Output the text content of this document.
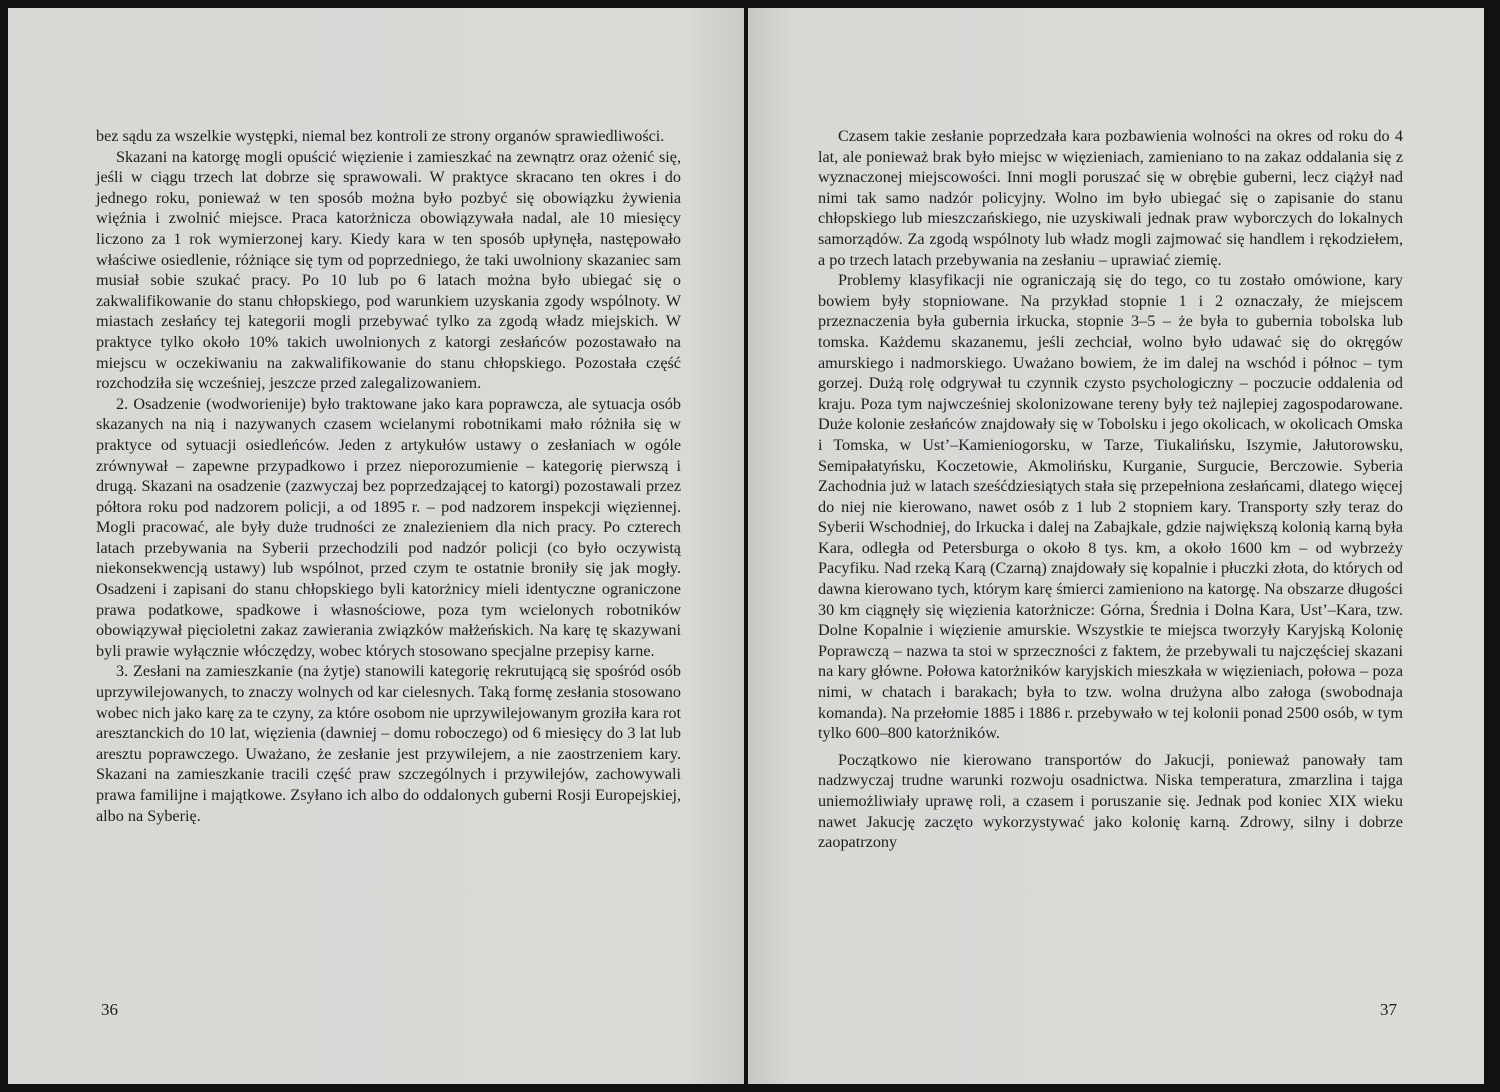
bez sądu za wszelkie występki, niemal bez kontroli ze strony organów sprawiedliwości.

Skazani na katorgę mogli opuścić więzienie i zamieszkać na zewnątrz oraz ożenić się, jeśli w ciągu trzech lat dobrze się sprawowali. W praktyce skracano ten okres i do jednego roku, ponieważ w ten sposób można było pozbyć się obowiązku żywienia więźnia i zwolnić miejsce. Praca katorżnicza obowiązywała nadal, ale 10 miesięcy liczono za 1 rok wymierzonej kary. Kiedy kara w ten sposób upłynęła, następowało właściwe osiedlenie, różniące się tym od poprzedniego, że taki uwolniony skazaniec sam musiał sobie szukać pracy. Po 10 lub po 6 latach można było ubiegać się o zakwalifikowanie do stanu chłopskiego, pod warunkiem uzyskania zgody wspólnoty. W miastach zesłańcy tej kategorii mogli przebywać tylko za zgodą władz miejskich. W praktyce tylko około 10% takich uwolnionych z katorgi zesłańców pozostawało na miejscu w oczekiwaniu na zakwalifikowanie do stanu chłopskiego. Pozostała część rozchodziła się wcześniej, jeszcze przed zalegalizowaniem.

2. Osadzenie (wodworienije) było traktowane jako kara poprawcza, ale sytuacja osób skazanych na nią i nazywanych czasem wcielanymi robotnikami mało różniła się w praktyce od sytuacji osiedleńców. Jeden z artykułów ustawy o zesłaniach w ogóle zrównywał – zapewne przypadkowo i przez nieporozumienie – kategorię pierwszą i drugą. Skazani na osadzenie (zazwyczaj bez poprzedzającej to katorgi) pozostawali przez półtora roku pod nadzorem policji, a od 1895 r. – pod nadzorem inspekcji więziennej. Mogli pracować, ale były duże trudności ze znalezieniem dla nich pracy. Po czterech latach przebywania na Syberii przechodzili pod nadzór policji (co było oczywistą niekonsekwencją ustawy) lub wspólnot, przed czym te ostatnie broniły się jak mogły. Osadzeni i zapisani do stanu chłopskiego byli katorżnicy mieli identyczne ograniczone prawa podatkowe, spadkowe i własnościowe, poza tym wcielonych robotników obowiązywał pięcioletni zakaz zawierania związków małżeńskich. Na karę tę skazywani byli prawie wyłącznie włóczędzy, wobec których stosowano specjalne przepisy karne.

3. Zesłani na zamieszkanie (na żytje) stanowili kategorię rekrutującą się spośród osób uprzywilejowanych, to znaczy wolnych od kar cielesnych. Taką formę zesłania stosowano wobec nich jako karę za te czyny, za które osobom nie uprzywilejowanym groziła kara rot aresztanckich do 10 lat, więzienia (dawniej – domu roboczego) od 6 miesięcy do 3 lat lub aresztu poprawczego. Uważano, że zesłanie jest przywilejem, a nie zaostrzeniem kary. Skazani na zamieszkanie tracili część praw szczególnych i przywilejów, zachowywali prawa familijne i majątkowe. Zsyłano ich albo do oddalonych guberni Rosji Europejskiej, albo na Syberię.

36

Czasem takie zesłanie poprzedzała kara pozbawienia wolności na okres od roku do 4 lat, ale ponieważ brak było miejsc w więzieniach, zamieniano to na zakaz oddalania się z wyznaczonej miejscowości. Inni mogli poruszać się w obrębie guberni, lecz ciążył nad nimi tak samo nadzór policyjny. Wolno im było ubiegać się o zapisanie do stanu chłopskiego lub mieszczańskiego, nie uzyskiwali jednak praw wyborczych do lokalnych samorządów. Za zgodą wspólnoty lub władz mogli zajmować się handlem i rękodziełem, a po trzech latach przebywania na zesłaniu – uprawiać ziemię.

Problemy klasyfikacji nie ograniczają się do tego, co tu zostało omówione, kary bowiem były stopniowane. Na przykład stopnie 1 i 2 oznaczały, że miejscem przeznaczenia była gubernia irkucka, stopnie 3–5 – że była to gubernia tobolska lub tomska. Każdemu skazanemu, jeśli zechciał, wolno było udawać się do okręgów amurskiego i nadmorskiego. Uważano bowiem, że im dalej na wschód i północ – tym gorzej. Dużą rolę odgrywał tu czynnik czysto psychologiczny – poczucie oddalenia od kraju. Poza tym najwcześniej skolonizowane tereny były też najlepiej zagospodarowane. Duże kolonie zesłańców znajdowały się w Tobolsku i jego okolicach, w okolicach Omska i Tomska, w Ust’–Kamieniogorsku, w Tarze, Tiukalińsku, Iszymie, Jałutorowsku, Semipałatyńsku, Koczetowie, Akmolińsku, Kurganie, Surgucie, Berczowie. Syberia Zachodnia już w latach sześćdziesiątych stała się przepełniona zesłańcami, dlatego więcej do niej nie kierowano, nawet osób z 1 lub 2 stopniem kary. Transporty szły teraz do Syberii Wschodniej, do Irkucka i dalej na Zabajkale, gdzie największą kolonią karną była Kara, odległa od Petersburga o około 8 tys. km, a około 1600 km – od wybrzeży Pacyfiku. Nad rzeką Karą (Czarną) znajdowały się kopalnie i płuczki złota, do których od dawna kierowano tych, którym karę śmierci zamieniono na katorgę. Na obszarze długości 30 km ciągnęły się więzienia katorżnicze: Górna, Średnia i Dolna Kara, Ust’–Kara, tzw. Dolne Kopalnie i więzienie amurskie. Wszystkie te miejsca tworzyły Karyjską Kolonię Poprawczą – nazwa ta stoi w sprzeczności z faktem, że przebywali tu najczęściej skazani na kary główne. Połowa katorżników karyjskich mieszkała w więzieniach, połowa – poza nimi, w chatach i barakach; była to tzw. wolna drużyna albo załoga (swobodnaja komanda). Na przełomie 1885 i 1886 r. przebywało w tej kolonii ponad 2500 osób, w tym tylko 600–800 katorżników.

Początkowo nie kierowano transportów do Jakucji, ponieważ panowały tam nadzwyczaj trudne warunki rozwoju osadnictwa. Niska temperatura, zmarzlina i tajga uniemożliwiały uprawę roli, a czasem i poruszanie się. Jednak pod koniec XIX wieku nawet Jakucję zaczęto wykorzystywać jako kolonię karną. Zdrowy, silny i dobrze zaopatrzony

37
